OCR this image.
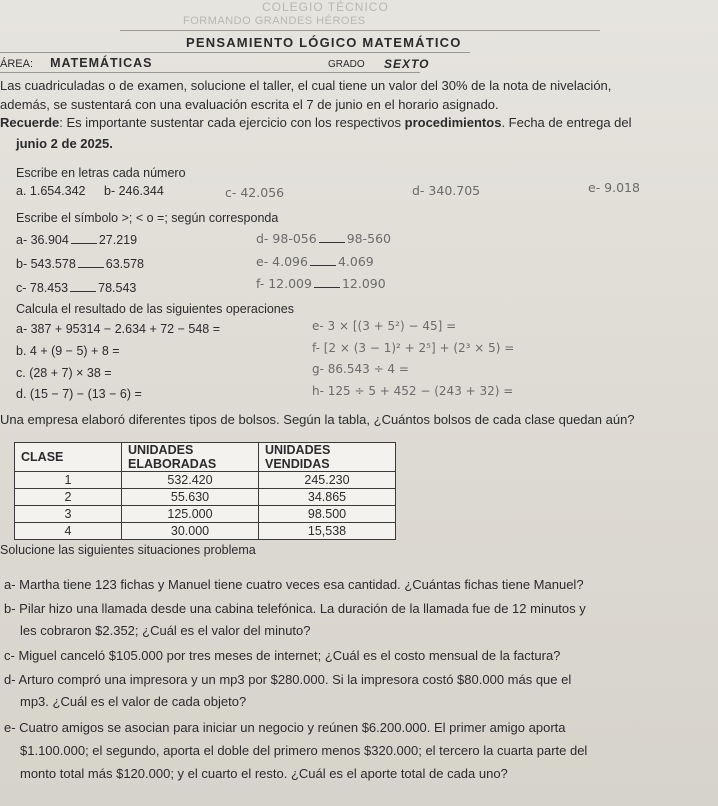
COLEGIO TÉCNICO
FORMANDO GRANDES HÉROES
PENSAMIENTO LÓGICO MATEMÁTICO
ÁREA: MATEMÁTICAS	GRADO SEXTO
Las cuadriculadas o de examen, solucione el taller, el cual tiene un valor del 30% de la nota de nivelación,
además, se sustentará con una evaluación escrita el 7 de junio en el horario asignado.
Recuerde: Es importante sustentar cada ejercicio con los respectivos procedimientos. Fecha de entrega del
junio 2 de 2025.
Escribe en letras cada número
a. 1.654.342 b- 246.344	c- 42.056	d- 340.705	e- 9.018
Escribe el símbolo >; < o =; según corresponda
a- 36.904 27.219
b- 543.578 63.578
c- 78.453 78.543
d- 98-056 98-560
e- 4.096 4.069
f- 12.009 12.090
Calcula el resultado de las siguientes operaciones
a- 387 + 95314 − 2.634 + 72 − 548 =
b. 4 + (9 − 5) + 8 =
c. (28 + 7) × 38 =
d. (15 − 7) − (13 − 6) =
e- 3 × [(3 + 5²) − 45] =
f- [2 × (3 − 1)² + 2⁵] + (2³ × 5) =
g- 86.543 ÷ 4 =
h- 125 ÷ 5 + 452 − (243 + 32) =
Una empresa elaboró diferentes tipos de bolsos. Según la tabla, ¿Cuántos bolsos de cada clase quedan aún?
CLASE	UNIDADES ELABORADAS	UNIDADES VENDIDAS
1	532.420	245.230
2	55.630	34.865
3	125.000	98.500
4	30.000	15,538
Solucione las siguientes situaciones problema
a- Martha tiene 123 fichas y Manuel tiene cuatro veces esa cantidad. ¿Cuántas fichas tiene Manuel?
b- Pilar hizo una llamada desde una cabina telefónica. La duración de la llamada fue de 12 minutos y
les cobraron $2.352; ¿Cuál es el valor del minuto?
c- Miguel canceló $105.000 por tres meses de internet; ¿Cuál es el costo mensual de la factura?
d- Arturo compró una impresora y un mp3 por $280.000. Si la impresora costó $80.000 más que el
mp3. ¿Cuál es el valor de cada objeto?
e- Cuatro amigos se asocian para iniciar un negocio y reúnen $6.200.000. El primer amigo aporta
$1.100.000; el segundo, aporta el doble del primero menos $320.000; el tercero la cuarta parte del
monto total más $120.000; y el cuarto el resto. ¿Cuál es el aporte total de cada uno?
